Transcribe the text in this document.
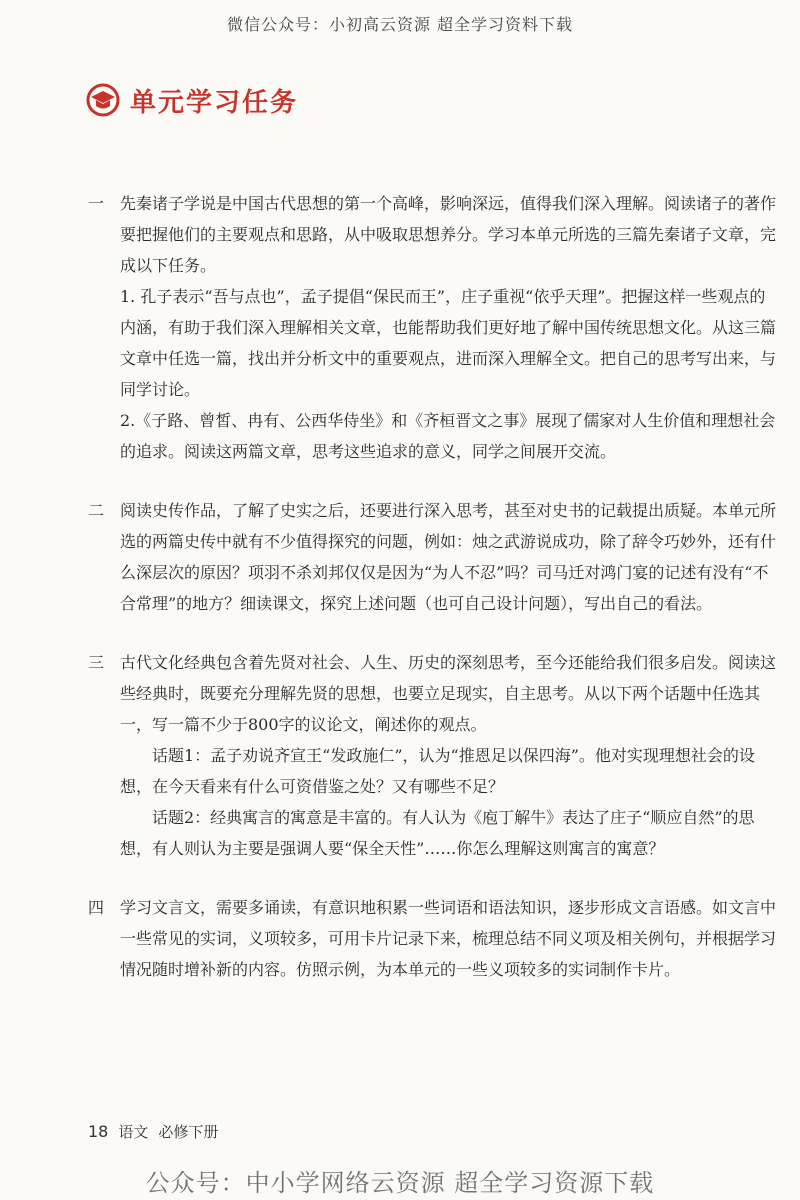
微信公众号：小初高云资源 超全学习资料下载
单元学习任务
一 先秦诸子学说是中国古代思想的第一个高峰，影响深远，值得我们深入理解。阅读诸子的著作要把握他们的主要观点和思路，从中吸取思想养分。学习本单元所选的三篇先秦诸子文章，完成以下任务。

1. 孔子表示“吾与点也”，孟子提倡“保民而王”，庄子重视“依乎天理”。把握这样一些观点的内涵，有助于我们深入理解相关文章，也能帮助我们更好地了解中国传统思想文化。从这三篇文章中任选一篇，找出并分析文中的重要观点，进而深入理解全文。把自己的思考写出来，与同学讨论。

2.《子路、曾皙、冉有、公西华侍坐》和《齐桓晋文之事》展现了儒家对人生价值和理想社会的追求。阅读这两篇文章，思考这些追求的意义，同学之间展开交流。

二 阅读史传作品，了解了史实之后，还要进行深入思考，甚至对史书的记载提出质疑。本单元所选的两篇史传中就有不少值得探究的问题，例如：烛之武游说成功，除了辞令巧妙外，还有什么深层次的原因？项羽不杀刘邦仅仅是因为“为人不忍”吗？司马迁对鸿门宴的记述有没有“不合常理”的地方？细读课文，探究上述问题（也可自己设计问题），写出自己的看法。

三 古代文化经典包含着先贤对社会、人生、历史的深刻思考，至今还能给我们很多启发。阅读这些经典时，既要充分理解先贤的思想，也要立足现实，自主思考。从以下两个话题中任选其一，写一篇不少于800字的议论文，阐述你的观点。

话题1：孟子劝说齐宣王“发政施仁”，认为“推恩足以保四海”。他对实现理想社会的设想，在今天看来有什么可资借鉴之处？又有哪些不足？

话题2：经典寓言的寓意是丰富的。有人认为《庖丁解牛》表达了庄子“顺应自然”的思想，有人则认为主要是强调人要“保全天性”……你怎么理解这则寓言的寓意？

四 学习文言文，需要多诵读，有意识地积累一些词语和语法知识，逐步形成文言语感。如文言中一些常见的实词，义项较多，可用卡片记录下来，梳理总结不同义项及相关例句，并根据学习情况随时增补新的内容。仿照示例，为本单元的一些义项较多的实词制作卡片。

18 语文 必修下册
公众号：中小学网络云资源 超全学习资源下载
